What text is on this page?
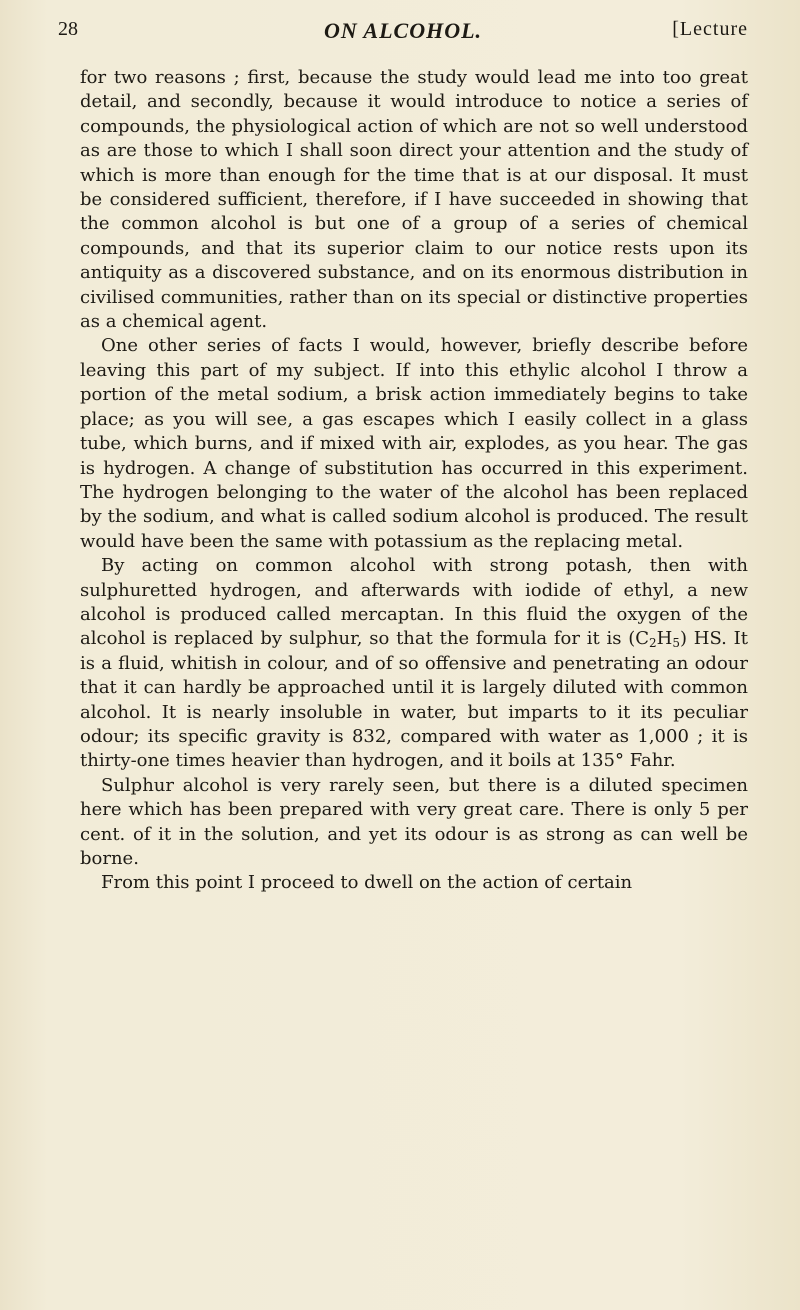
28	ON ALCOHOL.	[Lecture

for two reasons ; first, because the study would lead me into too great detail, and secondly, because it would introduce to notice a series of compounds, the physiological action of which are not so well understood as are those to which I shall soon direct your attention and the study of which is more than enough for the time that is at our disposal. It must be considered sufficient, therefore, if I have succeeded in showing that the common alcohol is but one of a group of a series of chemical compounds, and that its superior claim to our notice rests upon its antiquity as a discovered substance, and on its enormous distribution in civilised communities, rather than on its special or distinctive properties as a chemical agent.

One other series of facts I would, however, briefly describe before leaving this part of my subject. If into this ethylic alcohol I throw a portion of the metal sodium, a brisk action immediately begins to take place; as you will see, a gas escapes which I easily collect in a glass tube, which burns, and if mixed with air, explodes, as you hear. The gas is hydrogen. A change of substitution has occurred in this experiment. The hydrogen belonging to the water of the alcohol has been replaced by the sodium, and what is called sodium alcohol is produced. The result would have been the same with potassium as the replacing metal.

By acting on common alcohol with strong potash, then with sulphuretted hydrogen, and afterwards with iodide of ethyl, a new alcohol is produced called mercaptan. In this fluid the oxygen of the alcohol is replaced by sulphur, so that the formula for it is $(C_2H_5)$ HS. It is a fluid, whitish in colour, and of so offensive and penetrating an odour that it can hardly be approached until it is largely diluted with common alcohol. It is nearly insoluble in water, but imparts to it its peculiar odour; its specific gravity is 832, compared with water as 1,000 ; it is thirty-one times heavier than hydrogen, and it boils at 135° Fahr.

Sulphur alcohol is very rarely seen, but there is a diluted specimen here which has been prepared with very great care. There is only 5 per cent. of it in the solution, and yet its odour is as strong as can well be borne.

From this point I proceed to dwell on the action of certain
